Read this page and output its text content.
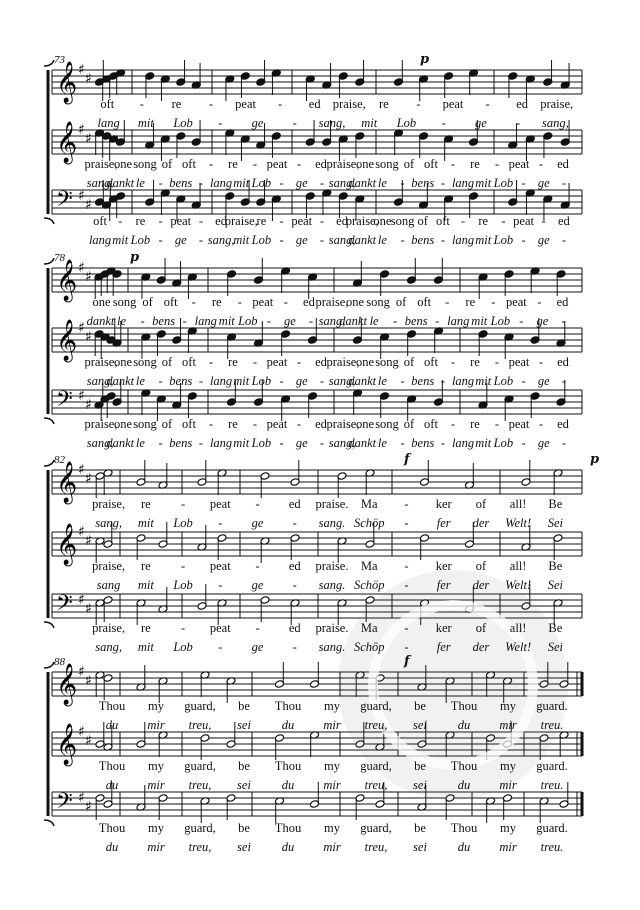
𝄞 ♯
♯
𝄞 ♯
♯
𝄢 ♯
♯
𝄞 ♯
♯
𝄞 ♯
♯
𝄢 ♯
♯
𝄞 ♯
♯
𝄞 ♯
♯
𝄢 ♯
♯
𝄞 ♯
♯
𝄞 ♯
♯
𝄢 ♯
♯
73	p
oft - re - peat - ed praise, re - peat - ed praise,
lang mit Lob - ge - sang, mit Lob - ge - sang,
praise,
one song of oft - re - peat - ed praise,
one song of oft - re - peat - ed
sang,
dankt le - bens - lang mit Lob - ge - sang,
dankt le - bens - lang mit Lob - ge -
oft - re - peat - ed
praise,
re - peat - ed
praise,
one song of oft - re - peat - ed
lang mit Lob - ge - sang,
mit Lob - ge - sang,
dankt le - bens - lang mit Lob - ge -
78	p
one song of oft - re - peat - ed praise,
one song of oft - re - peat - ed
dankt le - bens - lang mit Lob - ge - sang,
dankt le - bens - lang mit Lob - ge -
praise,
one song of oft - re - peat - ed praise,
one song of oft - re - peat - ed
sang,
dankt le - bens - lang mit Lob - ge - sang,
dankt le - bens - lang mit Lob - ge -
praise,
one song of oft - re - peat - ed praise,
one song of oft - re - peat - ed
sang,
dankt le - bens - lang mit Lob - ge - sang,
dankt le - bens - lang mit Lob - ge -
82	f	p
praise, re - peat - ed praise. Ma - ker of all! Be
sang, mit Lob - ge - sang. Schöp - fer der Welt! Sei
praise, re - peat - ed praise. Ma - ker of all! Be
sang mit Lob - ge - sang. Schöp - fer der Welt! Sei
praise, re - peat - ed praise. Ma - ker of all! Be
sang, mit Lob - ge - sang. Schöp - fer der Welt! Sei
88	f
Thou my guard, be Thou my guard, be Thou my guard.
du mir treu, sei du mir treu, sei du mir treu.
Thou my guard, be Thou my guard, be Thou my guard.
du mir treu, sei du mir treu, sei du mir treu.
Thou my guard, be Thou my guard, be Thou my guard.
du mir treu, sei du mir treu, sei du mir treu.
